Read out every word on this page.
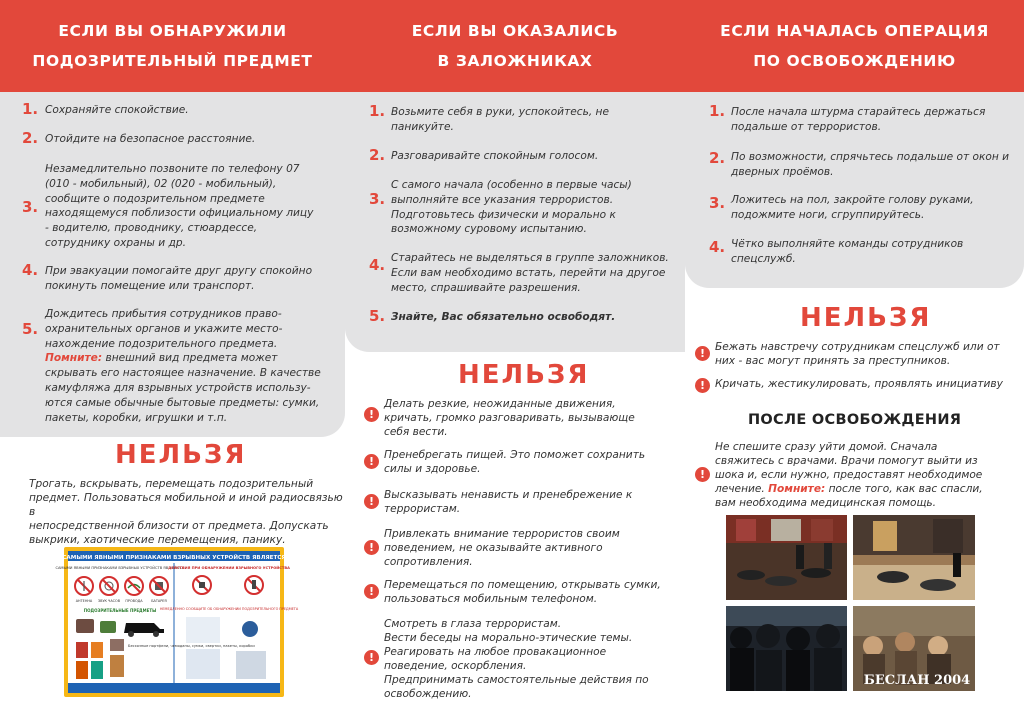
ЕСЛИ ВЫ ОБНАРУЖИЛИ
ПОДОЗРИТЕЛЬНЫЙ ПРЕДМЕТ
1. Сохраняйте спокойствие.
2. Отойдите на безопасное расстояние.
3.
Незамедлительно позвоните по телефону 07
(010 - мобильный), 02 (020 - мобильный),
сообщите о подозрительном предмете
находящемуся поблизости официальному лицу
- водителю, проводнику, стюардессе,
сотруднику охраны и др.
4. При эвакуации помогайте друг другу спокойно
покинуть помещение или транспорт.
5.
Дождитесь прибытия сотрудников право-
охранительных органов и укажите место-
нахождение подозрительного предмета.
Помните: внешний вид предмета может
скрывать его настоящее назначение. В качестве
камуфляжа для взрывных устройств использу-
ются самые обычные бытовые предметы: сумки,
пакеты, коробки, игрушки и т.п.
НЕЛЬЗЯ
Трогать, вскрывать, перемещать подозрительный
предмет. Пользоваться мобильной и иной радиосвязью в
непосредственной близости от предмета. Допускать
выкрики, хаотические перемещения, панику.
САМЫМИ ЯВНЫМИ ПРИЗНАКАМИ ВЗРЫВНЫХ УСТРОЙСТВ ЯВЛЯЕТСЯ
САМЫМИ ЯВНЫМИ ПРИЗНАКАМИ ВЗРЫВНЫХ УСТРОЙСТВ ЯВЛЯЮТСЯ
ДЕЙСТВИЯ ПРИ ОБНАРУЖЕНИИ ВЗРЫВНОГО УСТРОЙСТВА
АНТЕННА ЗВУК ЧАСОВ ПРОВОДА	БАТАРЕЯ
ПОДОЗРИТЕЛЬНЫЕ ПРЕДМЕТЫ
Бесхозные портфели, чемоданы, сумки, свертки, пакеты, коробки
НЕМЕДЛЕННО СООБЩИТЕ ОБ ОБНАРУЖЕНИИ ПОДОЗРИТЕЛЬНОГО ПРЕДМЕТА
ЕСЛИ ВЫ ОКАЗАЛИСЬ
В ЗАЛОЖНИКАХ
1. Возьмите себя в руки, успокойтесь, не
паникуйте.
2. Разговаривайте спокойным голосом.
3.
С самого начала (особенно в первые часы)
выполняйте все указания террористов.
Подготовьтесь физически и морально к
возможному суровому испытанию.
4. Старайтесь не выделяться в группе заложников.
Если вам необходимо встать, перейти на другое
место, спрашивайте разрешения.
5. Знайте, Вас обязательно освободят.
НЕЛЬЗЯ
!
Делать резкие, неожиданные движения,
кричать, громко разговаривать, вызывающе
себя вести.
! Пренебрегать пищей. Это поможет сохранить
силы и здоровье.
! Высказывать ненависть и пренебрежение к
террористам.
!
Привлекать внимание террористов своим
поведением, не оказывайте активного
сопротивления.
! Перемещаться по помещению, открывать сумки,
пользоваться мобильным телефоном.
!
Смотреть в глаза террористам.
Вести беседы на морально-этические темы.
Реагировать на любое провакационное
поведение, оскорбления.
Предпринимать самостоятельные действия по
освобождению.
ЕСЛИ НАЧАЛАСЬ ОПЕРАЦИЯ
ПО ОСВОБОЖДЕНИЮ
1. После начала штурма старайтесь держаться
подальше от террористов.
2. По возможности, спрячьтесь подальше от окон и
дверных проёмов.
3. Ложитесь на пол, закройте голову руками,
подожмите ноги, сгруппируйтесь.
4. Чётко выполняйте команды сотрудников
спецслужб.
НЕЛЬЗЯ
! Бежать навстречу сотрудникам спецслужб или от
них - вас могут принять за преступников.
! Кричать, жестикулировать, проявлять инициативу
ПОСЛЕ ОСВОБОЖДЕНИЯ
!
Не спешите сразу уйти домой. Сначала
свяжитесь с врачами. Врачи помогут выйти из
шока и, если нужно, предоставят необходимое
лечение. Помните: после того, как вас спасли,
вам необходима медицинская помощь.
БЕСЛАН 2004
